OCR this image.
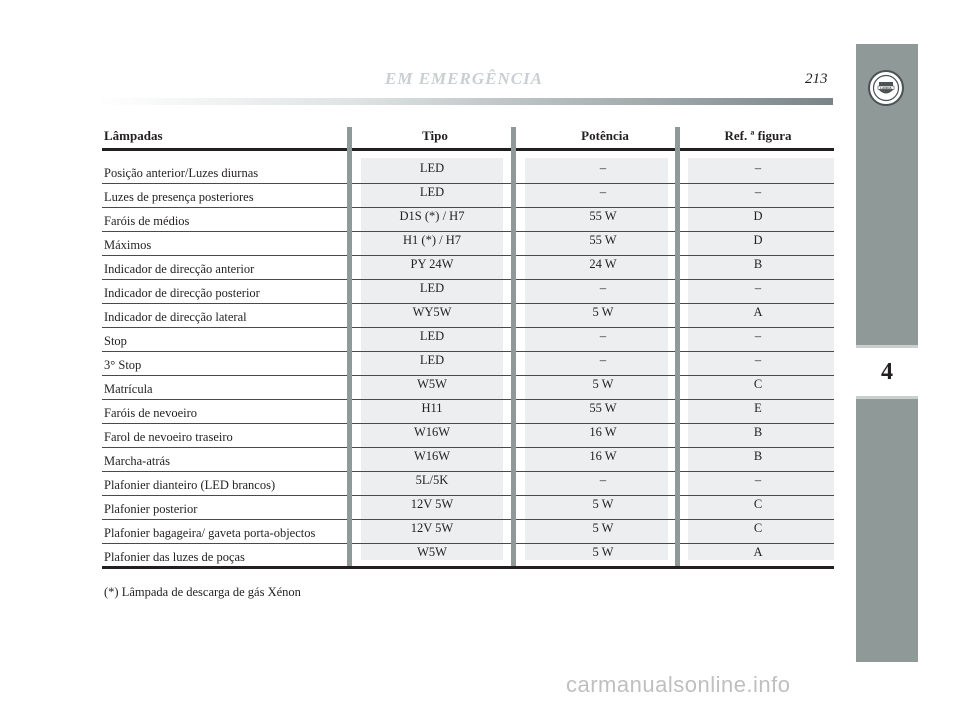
EM EMERGÊNCIA	213
LANCIA
4
Lâmpadas	Tipo	Potência	Ref. ª figura
Posição anterior/Luzes diurnas	LED	–	–
Luzes de presença posteriores	LED	–	–
Faróis de médios	D1S (*) / H7	55 W	D
Máximos	H1 (*) / H7	55 W	D
Indicador de direcção anterior	PY 24W	24 W	B
Indicador de direcção posterior	LED	–	–
Indicador de direcção lateral	WY5W	5 W	A
Stop	LED	–	–
3° Stop	LED	–	–
Matrícula	W5W	5 W	C
Faróis de nevoeiro	H11	55 W	E
Farol de nevoeiro traseiro	W16W	16 W	B
Marcha-atrás	W16W	16 W	B
Plafonier dianteiro (LED brancos)	5L/5K	–	–
Plafonier posterior	12V 5W	5 W	C
Plafonier bagageira/ gaveta porta-objectos	12V 5W	5 W	C
Plafonier das luzes de poças	W5W	5 W	A
(*) Lâmpada de descarga de gás Xénon
carmanualsonline.info
